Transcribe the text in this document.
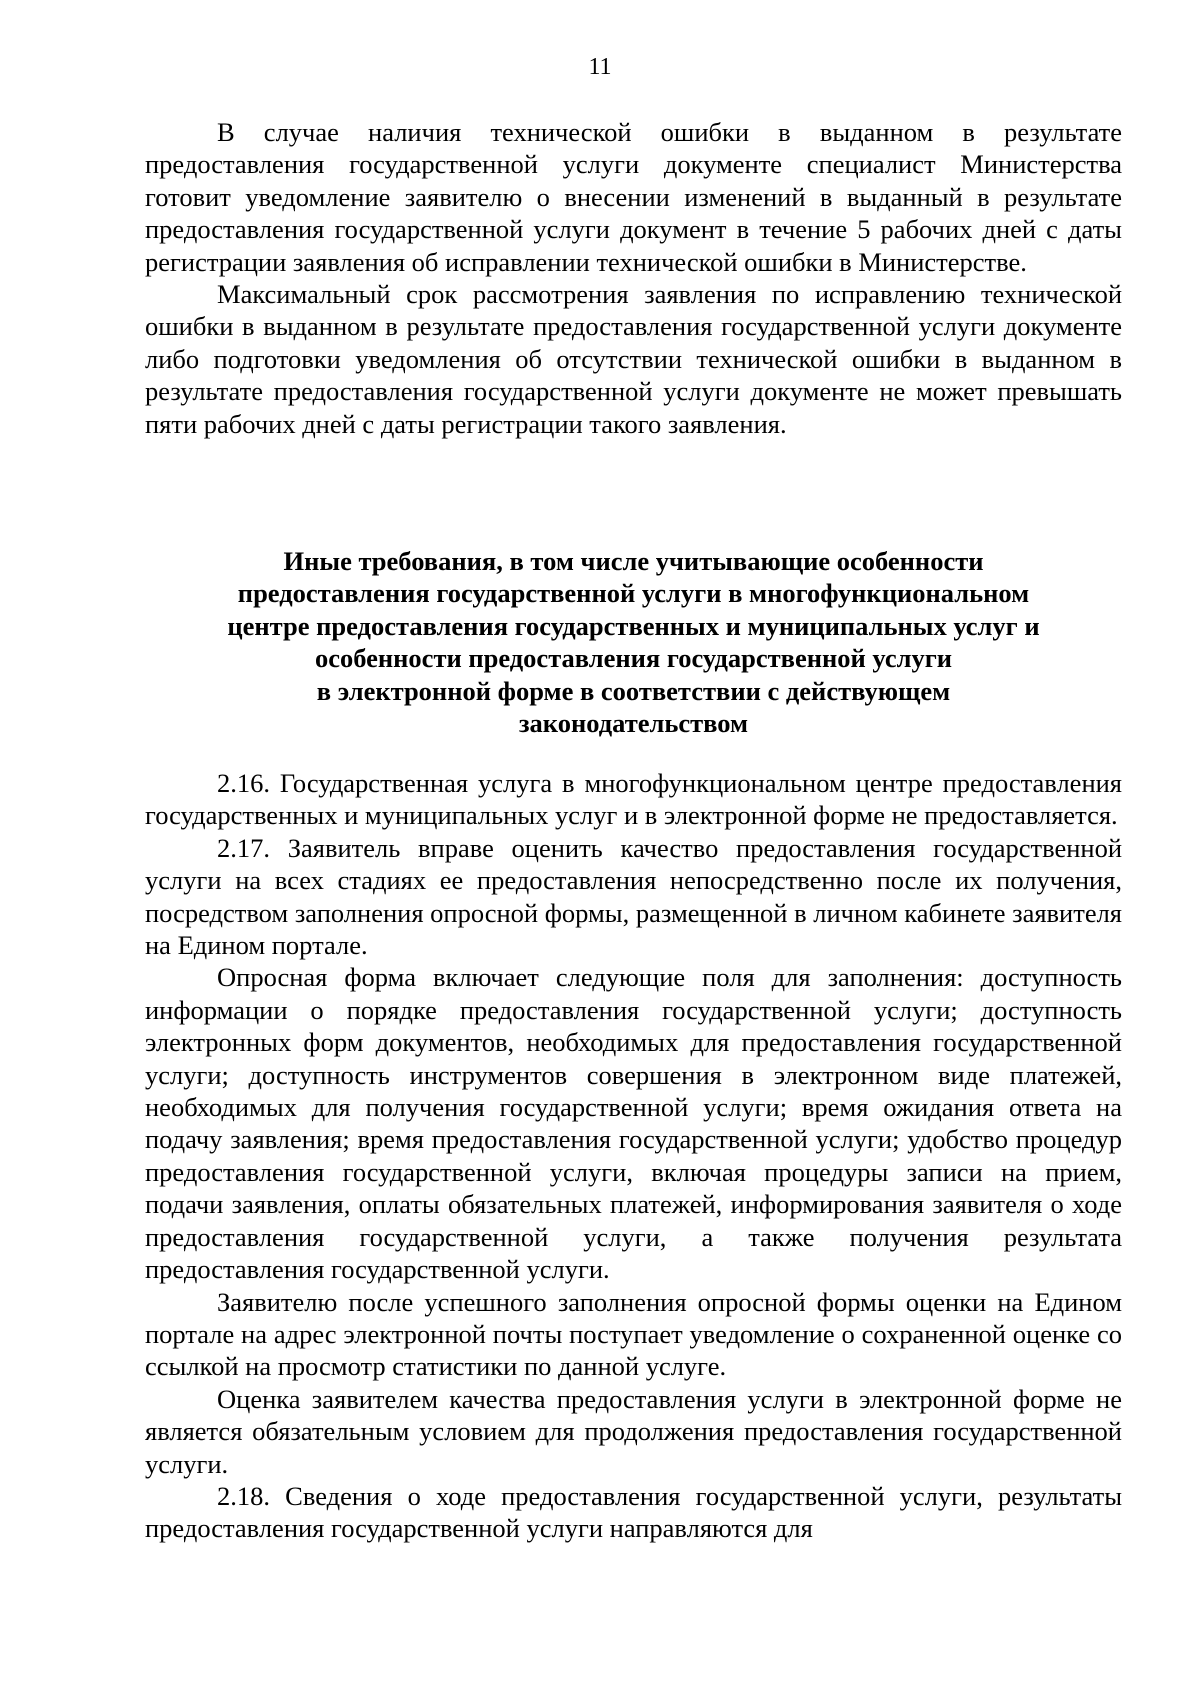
11

В случае наличия технической ошибки в выданном в результате предоставления государственной услуги документе специалист Министерства готовит уведомление заявителю о внесении изменений в выданный в результате предоставления государственной услуги документ в течение 5 рабочих дней с даты регистрации заявления об исправлении технической ошибки в Министерстве.

Максимальный срок рассмотрения заявления по исправлению технической ошибки в выданном в результате предоставления государственной услуги документе либо подготовки уведомления об отсутствии технической ошибки в выданном в результате предоставления государственной услуги документе не может превышать пяти рабочих дней с даты регистрации такого заявления.

Иные требования, в том числе учитывающие особенности
предоставления государственной услуги в многофункциональном
центре предоставления государственных и муниципальных услуг и
особенности предоставления государственной услуги
в электронной форме в соответствии с действующем
законодательством

2.16. Государственная услуга в многофункциональном центре предоставления государственных и муниципальных услуг и в электронной форме не предоставляется.

2.17. Заявитель вправе оценить качество предоставления государственной услуги на всех стадиях ее предоставления непосредственно после их получения, посредством заполнения опросной формы, размещенной в личном кабинете заявителя на Едином портале.

Опросная форма включает следующие поля для заполнения: доступность информации о порядке предоставления государственной услуги; доступность электронных форм документов, необходимых для предоставления государственной услуги; доступность инструментов совершения в электронном виде платежей, необходимых для получения государственной услуги; время ожидания ответа на подачу заявления; время предоставления государственной услуги; удобство процедур предоставления государственной услуги, включая процедуры записи на прием, подачи заявления, оплаты обязательных платежей, информирования заявителя о ходе предоставления государственной услуги, а также получения результата предоставления государственной услуги.

Заявителю после успешного заполнения опросной формы оценки на Едином портале на адрес электронной почты поступает уведомление о сохраненной оценке со ссылкой на просмотр статистики по данной услуге.

Оценка заявителем качества предоставления услуги в электронной форме не является обязательным условием для продолжения предоставления государственной услуги.

2.18. Сведения о ходе предоставления государственной услуги, результаты предоставления государственной услуги направляются для
